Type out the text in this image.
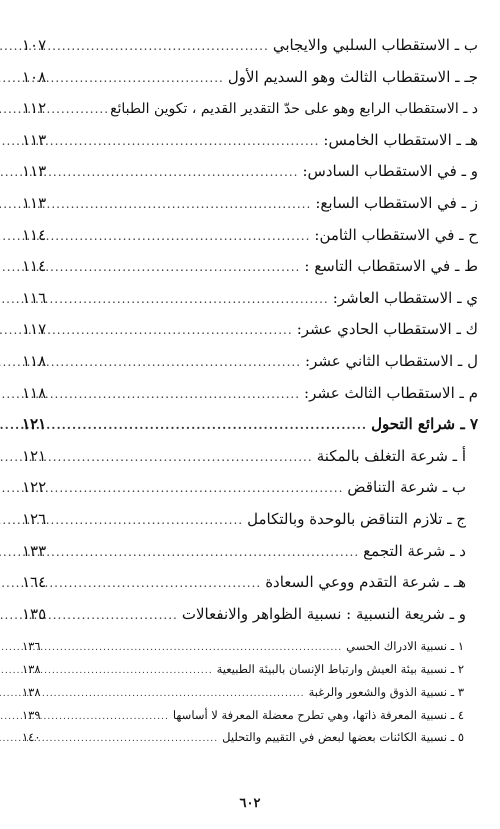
ب ـ الاستقطاب السلبي والايجابي
.....
١٠٧
جـ ـ الاستقطاب الثالث وهو السديم الأول
.....
١٠٨
د ـ الاستقطاب الرابع وهو على حدّ التقدير القديم ، تكوين الطبائع
.....
١١٢
هـ ـ الاستقطاب الخامس:
.....
١١٣
و ـ في الاستقطاب السادس:
.....
١١٣
ز ـ في الاستقطاب السابع:
.....
١١٣
ح ـ في الاستقطاب الثامن:
.....
١١٤
ط ـ في الاستقطاب التاسع :
.....
١١٤
ي ـ الاستقطاب العاشر:
.....
١١٦
ك ـ الاستقطاب الحادي عشر:
.....
١١٧
ل ـ الاستقطاب الثاني عشر:
.....
١١٨
م ـ الاستقطاب الثالث عشر:
.....
١١٨
٧ ـ شرائع التحول
.....
١٢١
أ ـ شرعة التغلف بالمكنة
.....
١٢١
ب ـ شرعة التناقض
.....
١٢٢
ج ـ تلازم التناقض بالوحدة وبالتكامل
.....
١٢٦
د ـ شرعة التجمع
.....
١٣٣
هـ ـ شرعة التقدم ووعي السعادة
.....
١٦٤
و ـ شريعة النسبية : نسبية الظواهر والانفعالات
.....
١٣٥
١ ـ نسبية الادراك الحسي
.....
١٣٦
٢ ـ نسبية بيئة العيش وارتباط الإنسان بالبيئة الطبيعية
.....
١٣٨
٣ ـ نسبية الذوق والشعور والرغبة
.....
١٣٨
٤ ـ نسبية المعرفة ذاتها، وهي تطرح معضلة المعرفة لا أساسها
.....
١٣٩
٥ ـ نسبية الكائنات بعضها لبعض في التقييم والتحليل
.....
١٤٠
٦٠٢
